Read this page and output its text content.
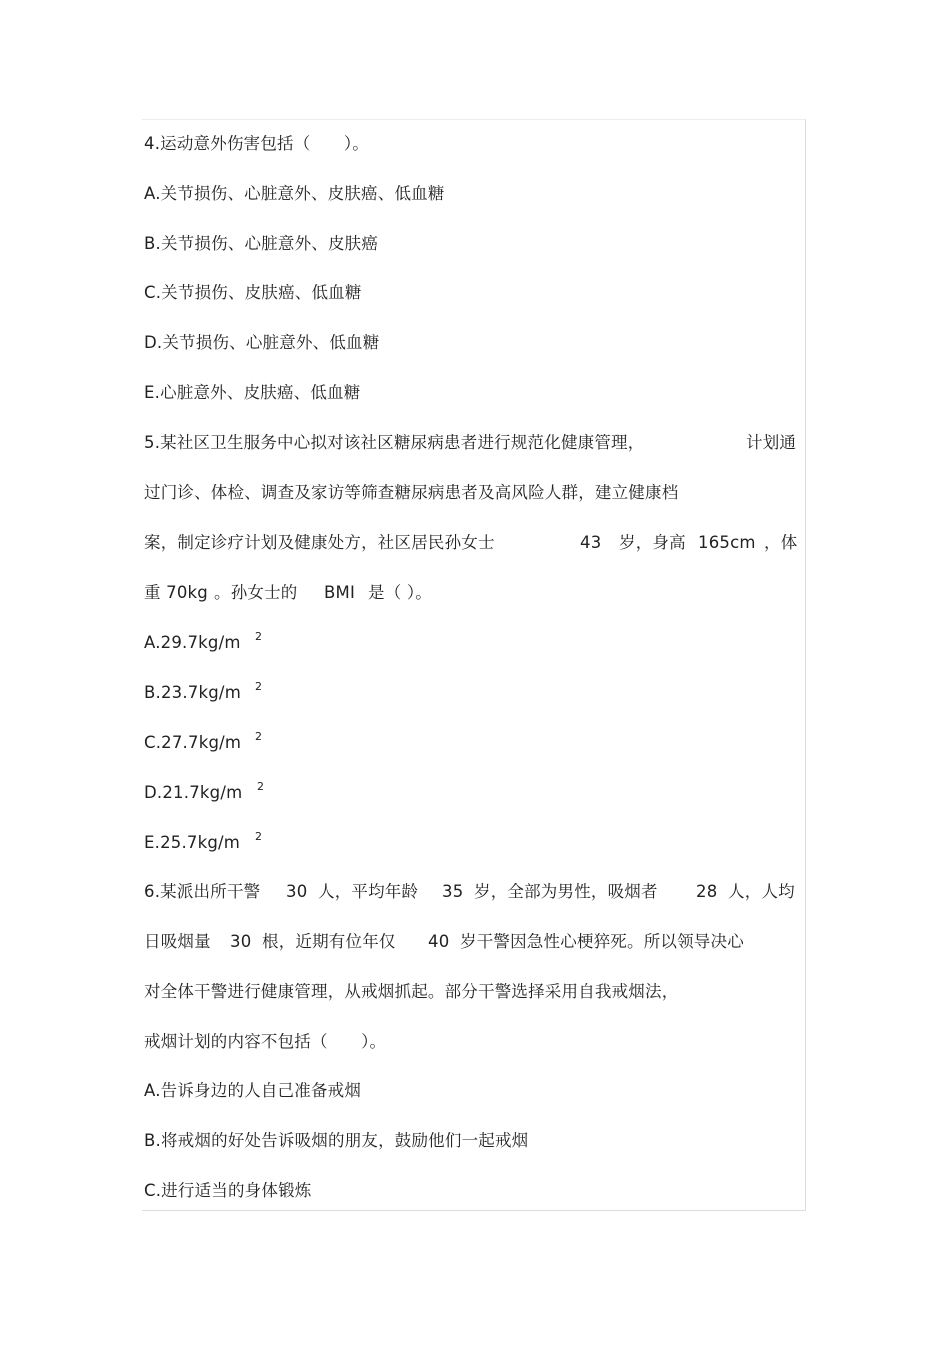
4.运动意外伤害包括（　　）。
A.关节损伤、心脏意外、皮肤癌、低血糖
B.关节损伤、心脏意外、皮肤癌
C.关节损伤、皮肤癌、低血糖
D.关节损伤、心脏意外、低血糖
E.心脏意外、皮肤癌、低血糖
5.某社区卫生服务中心拟对该社区糖尿病患者进行规范化健康管理，	计划通
过门诊、体检、调查及家访等筛查糖尿病患者及高风险人群，建立健康档
案，制定诊疗计划及健康处方，社区居民孙女士	43 岁，身高 165cm ，体
重 70kg 。孙女士的 BMI 是（ ）。
A.29.7kg/m 2
B.23.7kg/m 2
C.27.7kg/m 2
D.21.7kg/m 2
E.25.7kg/m 2
6.某派出所干警 30 人，平均年龄 35 岁，全部为男性，吸烟者 28 人，人均
日吸烟量 30 根，近期有位年仅 40 岁干警因急性心梗猝死。所以领导决心
对全体干警进行健康管理，从戒烟抓起。部分干警选择采用自我戒烟法，
戒烟计划的内容不包括（　　）。
A.告诉身边的人自己准备戒烟
B.将戒烟的好处告诉吸烟的朋友，鼓励他们一起戒烟
C.进行适当的身体锻炼
